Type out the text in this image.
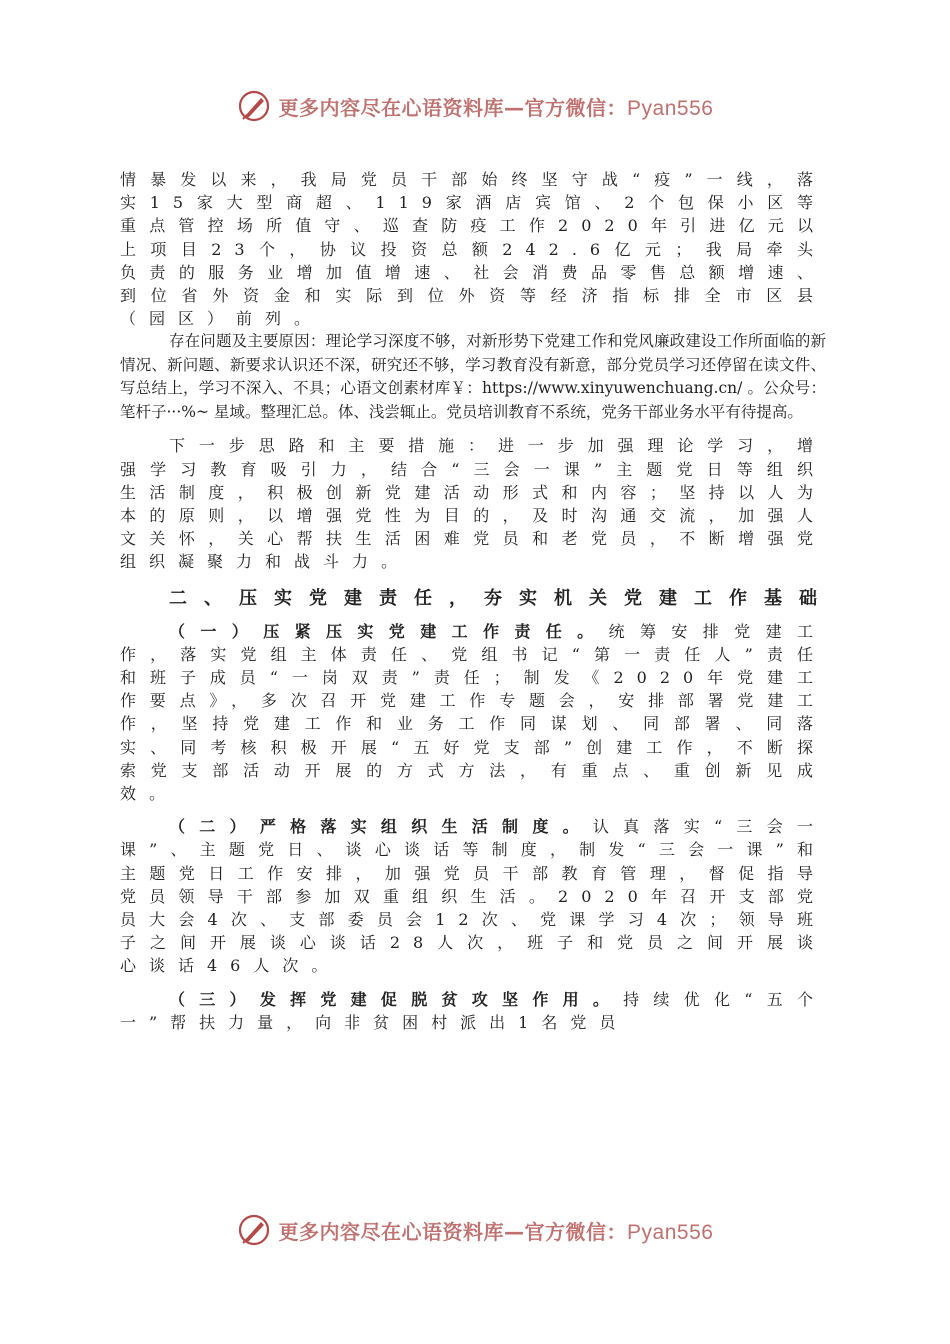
更多内容尽在心语资料库—官方微信：Pyan556

情暴发以来，我局党员干部始终坚守战“疫”一线，落实15家大型商超、119家酒店宾馆、2个包保小区等重点管控场所值守、巡查防疫工作2020年引进亿元以上项目23个，协议投资总额242.6亿元；我局牵头负责的服务业增加值增速、社会消费品零售总额增速、到位省外资金和实际到位外资等经济指标排全市区县（园区）前列。

存在问题及主要原因：理论学习深度不够，对新形势下党建工作和党风廉政建设工作所面临的新情况、新问题、新要求认识还不深，研究还不够，学习教育没有新意，部分党员学习还停留在读文件、写总结上，学习不深入、不具；心语文创素材库￥：https://www.xinyuwenchuang.cn/ 。公众号：笔杆子···%~ 星域。整理汇总。体、浅尝辄止。党员培训教育不系统，党务干部业务水平有待提高。

下一步思路和主要措施：进一步加强理论学习，增强学习教育吸引力，结合“三会一课”主题党日等组织生活制度，积极创新党建活动形式和内容；坚持以人为本的原则，以增强党性为目的，及时沟通交流，加强人文关怀，关心帮扶生活困难党员和老党员，不断增强党组织凝聚力和战斗力。

二、压实党建责任，夯实机关党建工作基础

（一）压紧压实党建工作责任。统筹安排党建工作，落实党组主体责任、党组书记“第一责任人”责任和班子成员“一岗双责”责任；制发《2020年党建工作要点》，多次召开党建工作专题会，安排部署党建工作，坚持党建工作和业务工作同谋划、同部署、同落实、同考核积极开展“五好党支部”创建工作，不断探索党支部活动开展的方式方法，有重点、重创新见成效。

（二）严格落实组织生活制度。认真落实“三会一课”、主题党日、谈心谈话等制度，制发“三会一课”和主题党日工作安排，加强党员干部教育管理，督促指导党员领导干部参加双重组织生活。2020年召开支部党员大会4次、支部委员会12次、党课学习4次；领导班子之间开展谈心谈话28人次，班子和党员之间开展谈心谈话46人次。

（三）发挥党建促脱贫攻坚作用。持续优化“五个一”帮扶力量，向非贫困村派出1名党员

更多内容尽在心语资料库—官方微信：Pyan556
